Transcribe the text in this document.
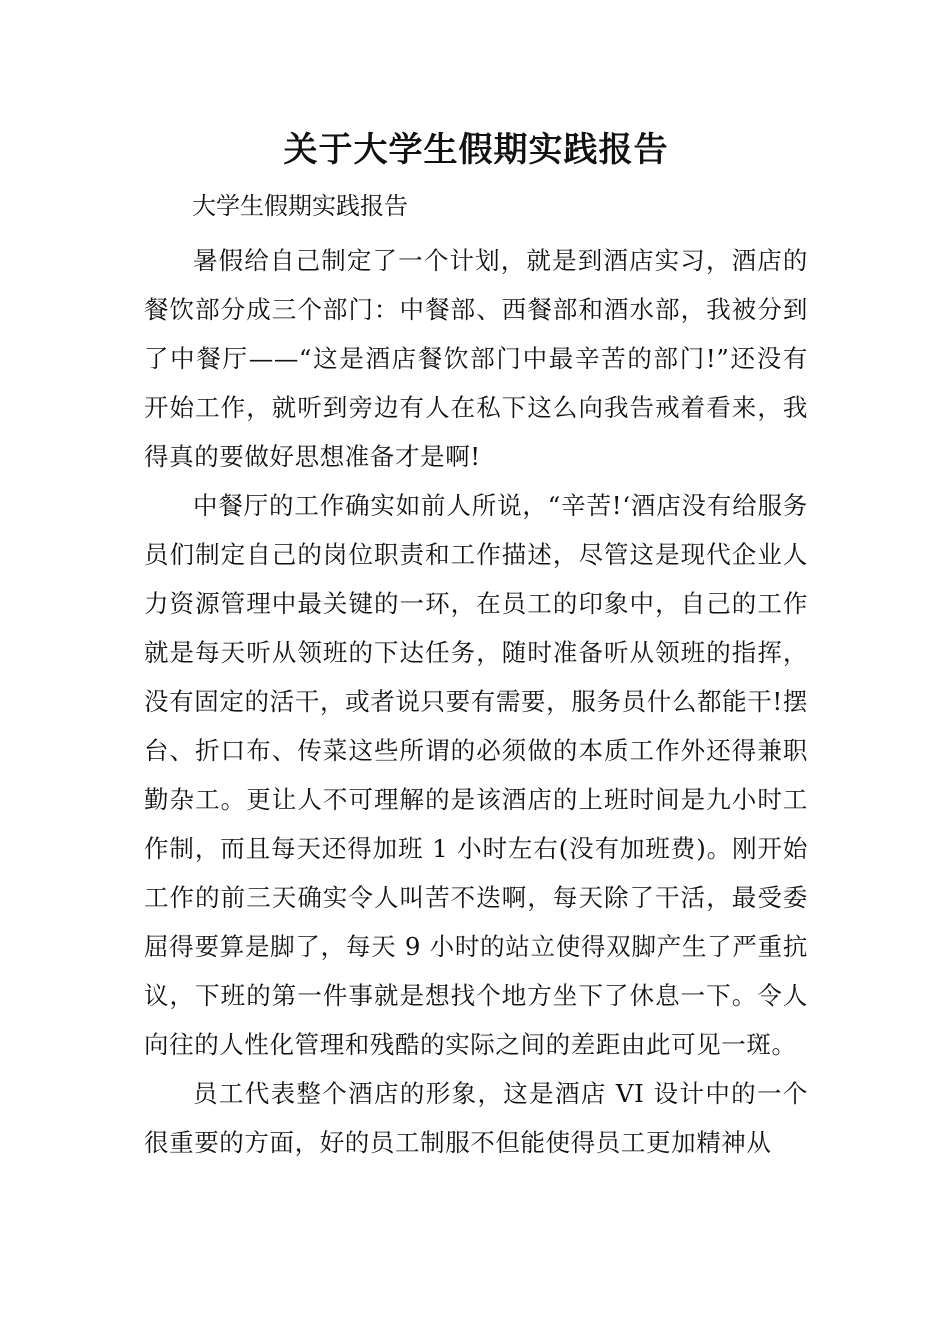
关于大学生假期实践报告
大学生假期实践报告

暑假给自己制定了一个计划，就是到酒店实习，酒店的餐饮部分成三个部门：中餐部、西餐部和酒水部，我被分到了中餐厅——“这是酒店餐饮部门中最辛苦的部门!”还没有开始工作，就听到旁边有人在私下这么向我告戒着看来，我得真的要做好思想准备才是啊!

中餐厅的工作确实如前人所说，“辛苦!‘酒店没有给服务员们制定自己的岗位职责和工作描述，尽管这是现代企业人力资源管理中最关键的一环，在员工的印象中，自己的工作就是每天听从领班的下达任务，随时准备听从领班的指挥，没有固定的活干，或者说只要有需要，服务员什么都能干!摆台、折口布、传菜这些所谓的必须做的本质工作外还得兼职勤杂工。更让人不可理解的是该酒店的上班时间是九小时工作制，而且每天还得加班 1 小时左右(没有加班费)。刚开始工作的前三天确实令人叫苦不迭啊，每天除了干活，最受委屈得要算是脚了，每天 9 小时的站立使得双脚产生了严重抗议，下班的第一件事就是想找个地方坐下了休息一下。令人向往的人性化管理和残酷的实际之间的差距由此可见一斑。

员工代表整个酒店的形象，这是酒店 VI 设计中的一个很重要的方面，好的员工制服不但能使得员工更加精神从
